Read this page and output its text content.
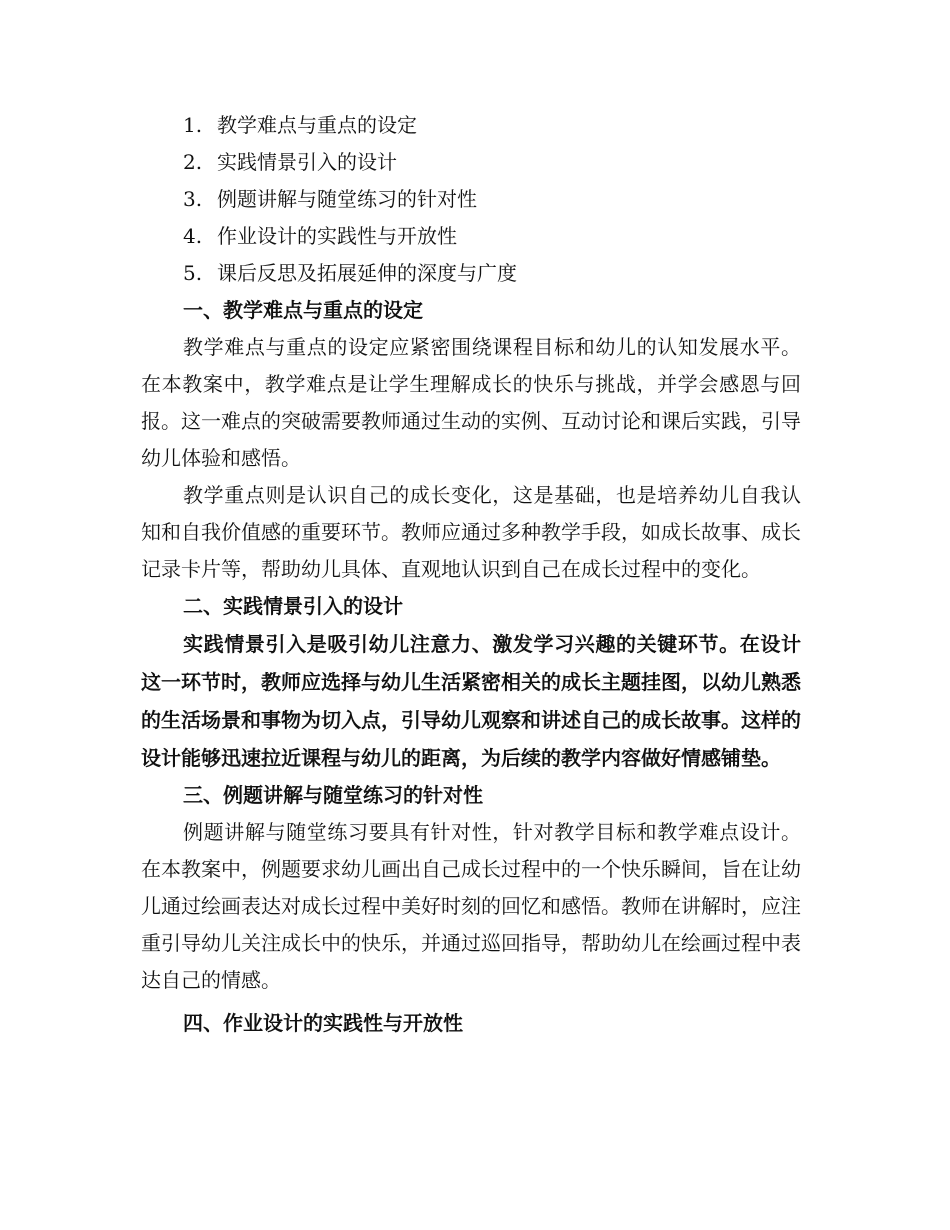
1. 教学难点与重点的设定
2. 实践情景引入的设计
3. 例题讲解与随堂练习的针对性
4. 作业设计的实践性与开放性
5. 课后反思及拓展延伸的深度与广度
一、教学难点与重点的设定

教学难点与重点的设定应紧密围绕课程目标和幼儿的认知发展水平。在本教案中，教学难点是让学生理解成长的快乐与挑战，并学会感恩与回报。这一难点的突破需要教师通过生动的实例、互动讨论和课后实践，引导幼儿体验和感悟。

教学重点则是认识自己的成长变化，这是基础，也是培养幼儿自我认知和自我价值感的重要环节。教师应通过多种教学手段，如成长故事、成长记录卡片等，帮助幼儿具体、直观地认识到自己在成长过程中的变化。

二、实践情景引入的设计

实践情景引入是吸引幼儿注意力、激发学习兴趣的关键环节。在设计这一环节时，教师应选择与幼儿生活紧密相关的成长主题挂图，以幼儿熟悉的生活场景和事物为切入点，引导幼儿观察和讲述自己的成长故事。这样的设计能够迅速拉近课程与幼儿的距离，为后续的教学内容做好情感铺垫。

三、例题讲解与随堂练习的针对性

例题讲解与随堂练习要具有针对性，针对教学目标和教学难点设计。在本教案中，例题要求幼儿画出自己成长过程中的一个快乐瞬间，旨在让幼儿通过绘画表达对成长过程中美好时刻的回忆和感悟。教师在讲解时，应注重引导幼儿关注成长中的快乐，并通过巡回指导，帮助幼儿在绘画过程中表达自己的情感。

四、作业设计的实践性与开放性
